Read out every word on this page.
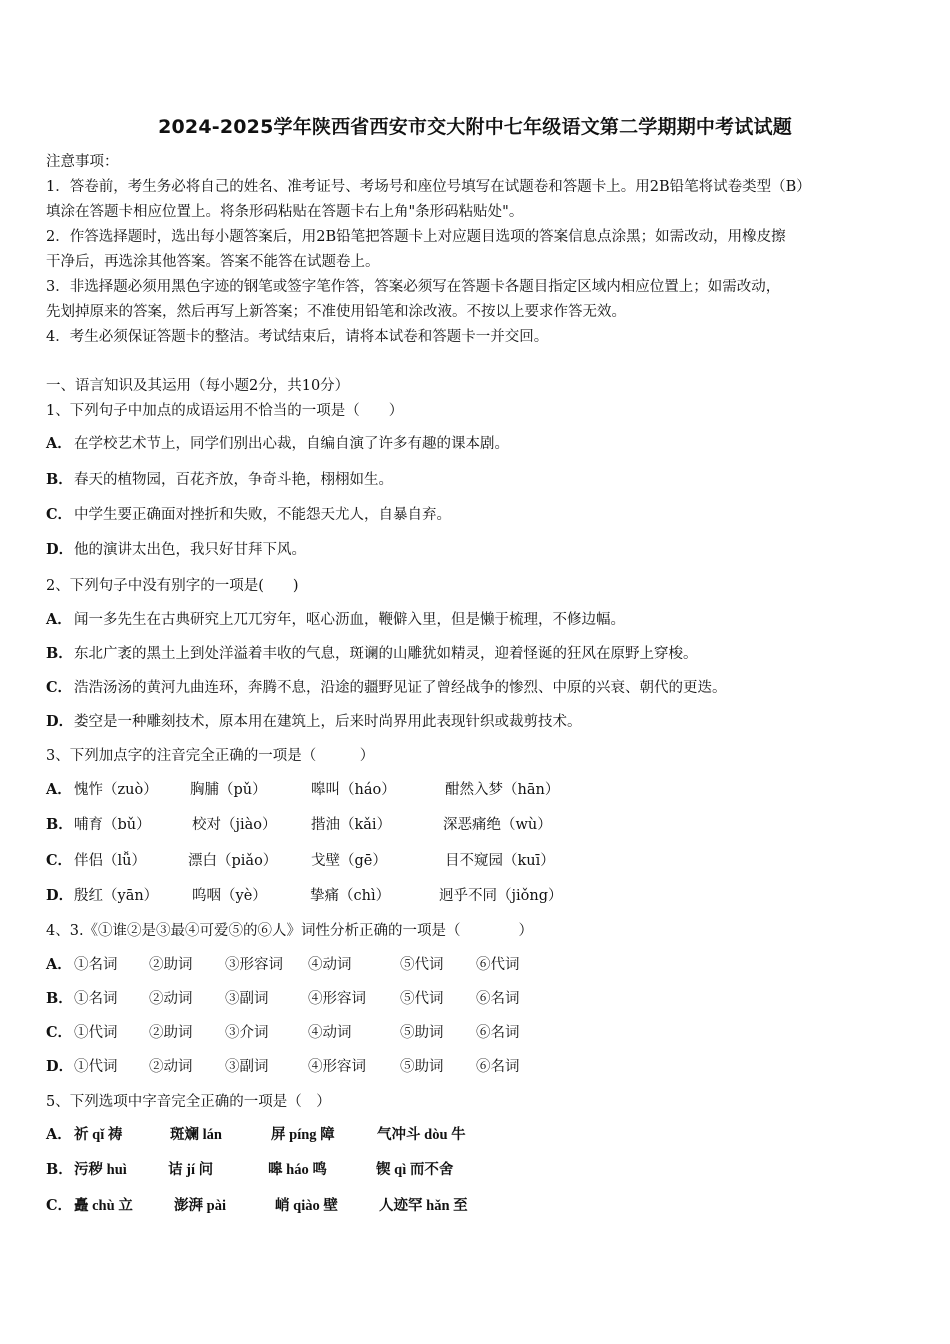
2024-2025学年陕西省西安市交大附中七年级语文第二学期期中考试试题
注意事项：
1．答卷前，考生务必将自己的姓名、准考证号、考场号和座位号填写在试题卷和答题卡上。用2B铅笔将试卷类型（B）
填涂在答题卡相应位置上。将条形码粘贴在答题卡右上角"条形码粘贴处"。
2．作答选择题时，选出每小题答案后，用2B铅笔把答题卡上对应题目选项的答案信息点涂黑；如需改动，用橡皮擦
干净后，再选涂其他答案。答案不能答在试题卷上。
3．非选择题必须用黑色字迹的钢笔或签字笔作答，答案必须写在答题卡各题目指定区域内相应位置上；如需改动，
先划掉原来的答案，然后再写上新答案；不准使用铅笔和涂改液。不按以上要求作答无效。
4．考生必须保证答题卡的整洁。考试结束后，请将本试卷和答题卡一并交回。
一、语言知识及其运用（每小题2分，共10分）
1、下列句子中加点的成语运用不恰当的一项是（　　）
A． 在学校艺术节上，同学们别出心裁，自编自演了许多有趣的课本剧。
B．春天的植物园，百花齐放，争奇斗艳，栩栩如生。
C． 中学生要正确面对挫折和失败，不能怨天尤人，自暴自弃。
D．他的演讲太出色，我只好甘拜下风。
2、下列句子中没有别字的一项是(　　)
A． 闻一多先生在古典研究上兀兀穷年，呕心沥血，鞭僻入里，但是懒于梳理，不修边幅。
B．东北广袤的黑土上到处洋溢着丰收的气息，斑谰的山雕犹如精灵，迎着怪诞的狂风在原野上穿梭。
C． 浩浩汤汤的黄河九曲连环，奔腾不息，沿途的疆野见证了曾经战争的惨烈、中原的兴衰、朝代的更迭。
D．娄空是一种雕刻技术，原本用在建筑上，后来时尚界用此表现针织或裁剪技术。
3、下列加点字的注音完全正确的一项是（　　　）
A． 愧怍（zuò） 胸脯（pǔ）	嗥叫（háo）	酣然入梦（hān）
B． 哺育（bǔ）	校对（jiào） 揩油（kǎi）	深恶痛绝（wù）
C． 伴侣（lǚ）	漂白（piǎo） 戈壁（gē）	目不窥园（kuī）
D． 殷红（yān） 呜咽（yè）	挚痛（chì）	迥乎不同（jiǒng）
4、3.《①谁②是③最④可爱⑤的⑥人》词性分析正确的一项是（　　　　）
A． ①名词 ②助词 ③形容词 ④动词	⑤代词 ⑥代词
B． ①名词 ②动词 ③副词	④形容词 ⑤代词 ⑥名词
C． ①代词 ②助词 ③介词	④动词	⑤助词 ⑥名词
D． ①代词 ②动词 ③副词	④形容词 ⑤助词 ⑥名词
5、下列选项中字音完全正确的一项是（　）
A． 祈 qǐ 祷	斑斓 lán	屏 píng 障	气冲斗 dòu 牛
B． 污秽 huì	诘 jí 问	嗥 háo 鸣	锲 qì 而不舍
C． 矗 chù 立	澎湃 pài	峭 qiào 壁	人迹罕 hǎn 至
